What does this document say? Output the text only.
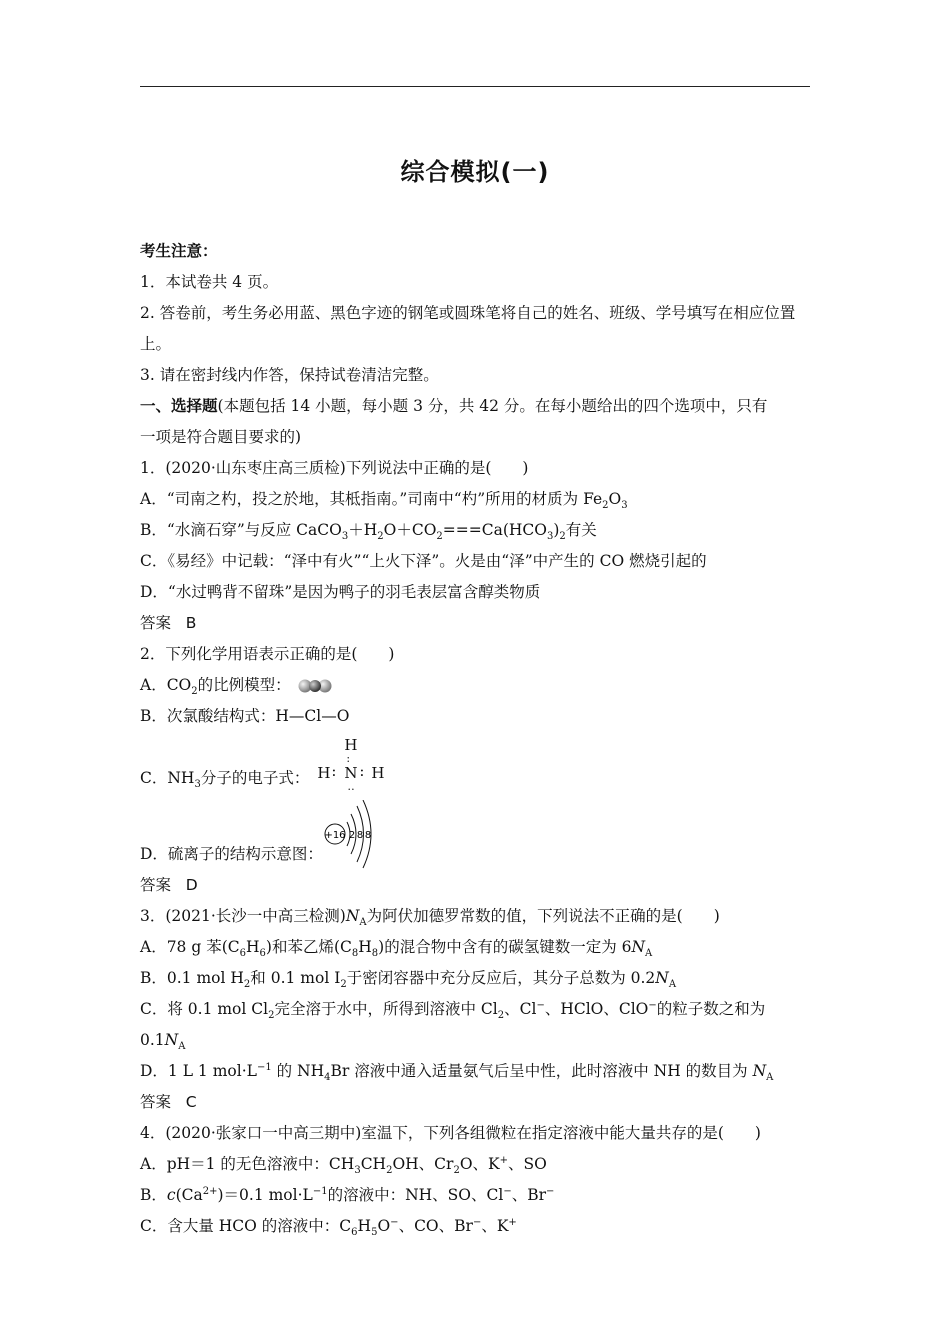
综合模拟(一)
考生注意：
1．本试卷共 4 页。
2. 答卷前，考生务必用蓝、黑色字迹的钢笔或圆珠笔将自己的姓名、班级、学号填写在相应位置上。
3. 请在密封线内作答，保持试卷清洁完整。
一、选择题(本题包括 14 小题，每小题 3 分，共 42 分。在每小题给出的四个选项中，只有
一项是符合题目要求的)
1．(2020·山东枣庄高三质检)下列说法中正确的是(　　)
A．“司南之杓，投之於地，其柢指南。”司南中“杓”所用的材质为 $Fe_2O_3$
B．“水滴石穿”与反应 $CaCO_3+H_2O+CO_2===Ca(HCO_3)_2$有关
C．《易经》中记载：“泽中有火”“上火下泽”。火是由“泽”中产生的 CO 燃烧引起的
D．“水过鸭背不留珠”是因为鸭子的羽毛表层富含醇类物质
答案 B
2．下列化学用语表示正确的是(　　)
A．$CO_2$的比例模型：
B．次氯酸结构式：H—Cl—O
C．$NH_3$分子的电子式：
H
:
H : N : H
‥
D．硫离子的结构示意图：
+16 2 8 8
答案 D
3．(2021·长沙一中高三检测)$N_A$为阿伏加德罗常数的值，下列说法不正确的是(　　)
A．78 g 苯$(C_6H_6)$和苯乙烯$(C_8H_8)$的混合物中含有的碳氢键数一定为 $6N_A$
B．0.1 mol $H_2$和 0.1 mol $I_2$于密闭容器中充分反应后，其分子总数为 $0.2N_A$
C．将 0.1 mol $Cl_2$完全溶于水中，所得到溶液中 $Cl_2$、Cl−、HClO、ClO−的粒子数之和为
$0.1N_A$
D．1 L 1 $mol\cdot L^{-1}$ 的 $NH_4Br$ 溶液中通入适量氨气后呈中性，此时溶液中 NH 的数目为 $N_A$
答案 C
4．(2020·张家口一中高三期中)室温下，下列各组微粒在指定溶液中能大量共存的是(　　)
A．pH＝1 的无色溶液中：$CH_3CH_2OH$、$Cr_2O$、K+、SO
B．$c(Ca^{2+})=0.1$ $mol\cdot L^{-1}$的溶液中：NH、SO、Cl−、Br−
C．含大量 HCO 的溶液中：$C_6H_5O^-$、CO、Br−、K+
